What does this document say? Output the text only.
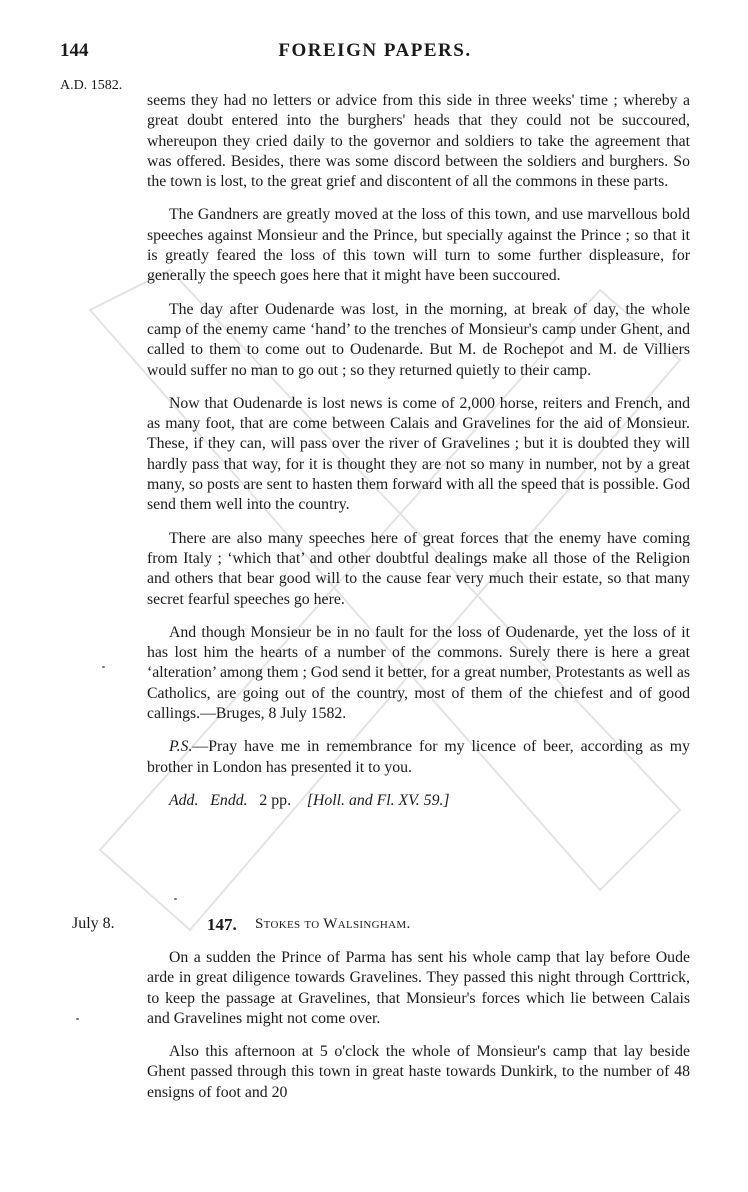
144	FOREIGN PAPERS.
A.D. 1582.

seems they had no letters or advice from this side in three weeks' time ; whereby a great doubt entered into the burghers' heads that they could not be succoured, whereupon they cried daily to the governor and soldiers to take the agreement that was offered. Besides, there was some discord between the soldiers and burghers. So the town is lost, to the great grief and discontent of all the commons in these parts.

The Gandners are greatly moved at the loss of this town, and use marvellous bold speeches against Monsieur and the Prince, but specially against the Prince ; so that it is greatly feared the loss of this town will turn to some further displeasure, for generally the speech goes here that it might have been succoured.

The day after Oudenarde was lost, in the morning, at break of day, the whole camp of the enemy came ‘hand’ to the trenches of Monsieur's camp under Ghent, and called to them to come out to Oudenarde. But M. de Rochepot and M. de Villiers would suffer no man to go out ; so they returned quietly to their camp.

Now that Oudenarde is lost news is come of 2,000 horse, reiters and French, and as many foot, that are come between Calais and Gravelines for the aid of Monsieur. These, if they can, will pass over the river of Gravelines ; but it is doubted they will hardly pass that way, for it is thought they are not so many in number, not by a great many, so posts are sent to hasten them forward with all the speed that is possible. God send them well into the country.

There are also many speeches here of great forces that the enemy have coming from Italy ; ‘which that’ and other doubtful dealings make all those of the Religion and others that bear good will to the cause fear very much their estate, so that many secret fearful speeches go here.

And though Monsieur be in no fault for the loss of Oudenarde, yet the loss of it has lost him the hearts of a number of the commons. Surely there is here a great ‘alteration’ among them ; God send it better, for a great number, Protestants as well as Catholics, are going out of the country, most of them of the chiefest and of good callings.—Bruges, 8 July 1582.

P.S.—Pray have me in remembrance for my licence of beer, according as my brother in London has presented it to you.

Add. Endd. 2 pp. [Holl. and Fl. XV. 59.]

July 8.	147. Stokes to Walsingham.

On a sudden the Prince of Parma has sent his whole camp that lay before Oude arde in great diligence towards Gravelines. They passed this night through Corttrick, to keep the passage at Gravelines, that Monsieur's forces which lie between Calais and Gravelines might not come over.

Also this afternoon at 5 o'clock the whole of Monsieur's camp that lay beside Ghent passed through this town in great haste towards Dunkirk, to the number of 48 ensigns of foot and 20
